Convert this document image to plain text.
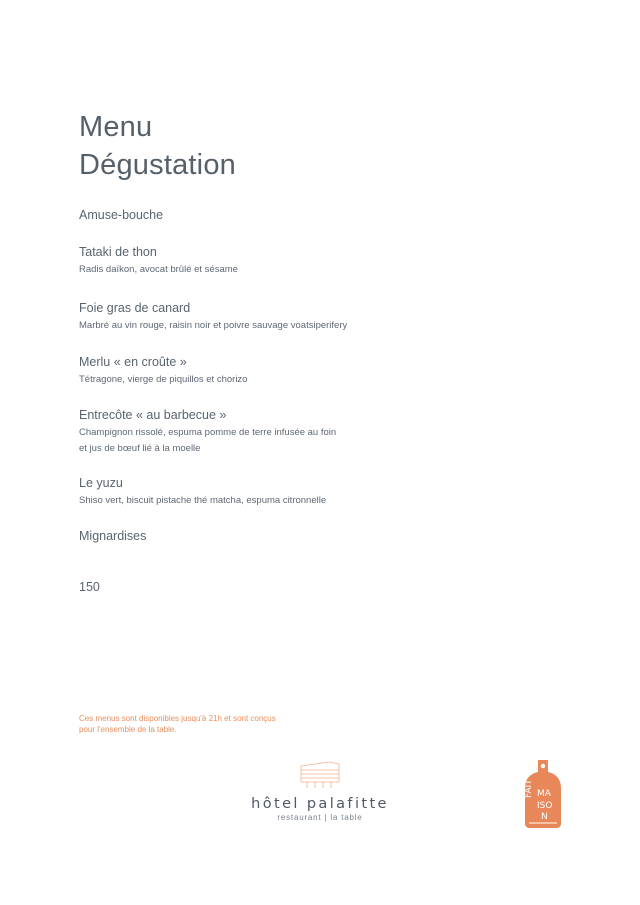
Menu
Dégustation
Amuse-bouche
Tataki de thon
Radis daïkon, avocat brûlé et sésame
Foie gras de canard
Marbré au vin rouge, raisin noir et poivre sauvage voatsiperifery
Merlu « en croûte »
Tétragone, vierge de piquillos et chorizo
Entrecôte « au barbecue »
Champignon rissolé, espuma pomme de terre infusée au foin
et jus de bœuf lié à la moelle
Le yuzu
Shiso vert, biscuit pistache thé matcha, espuma citronnelle
Mignardises
150
Ces menus sont disponibles jusqu'à 21h et sont conçus
pour l'ensemble de la table.
hôtel palafitte
restaurant | la table
FAIT MA
ISO
N
